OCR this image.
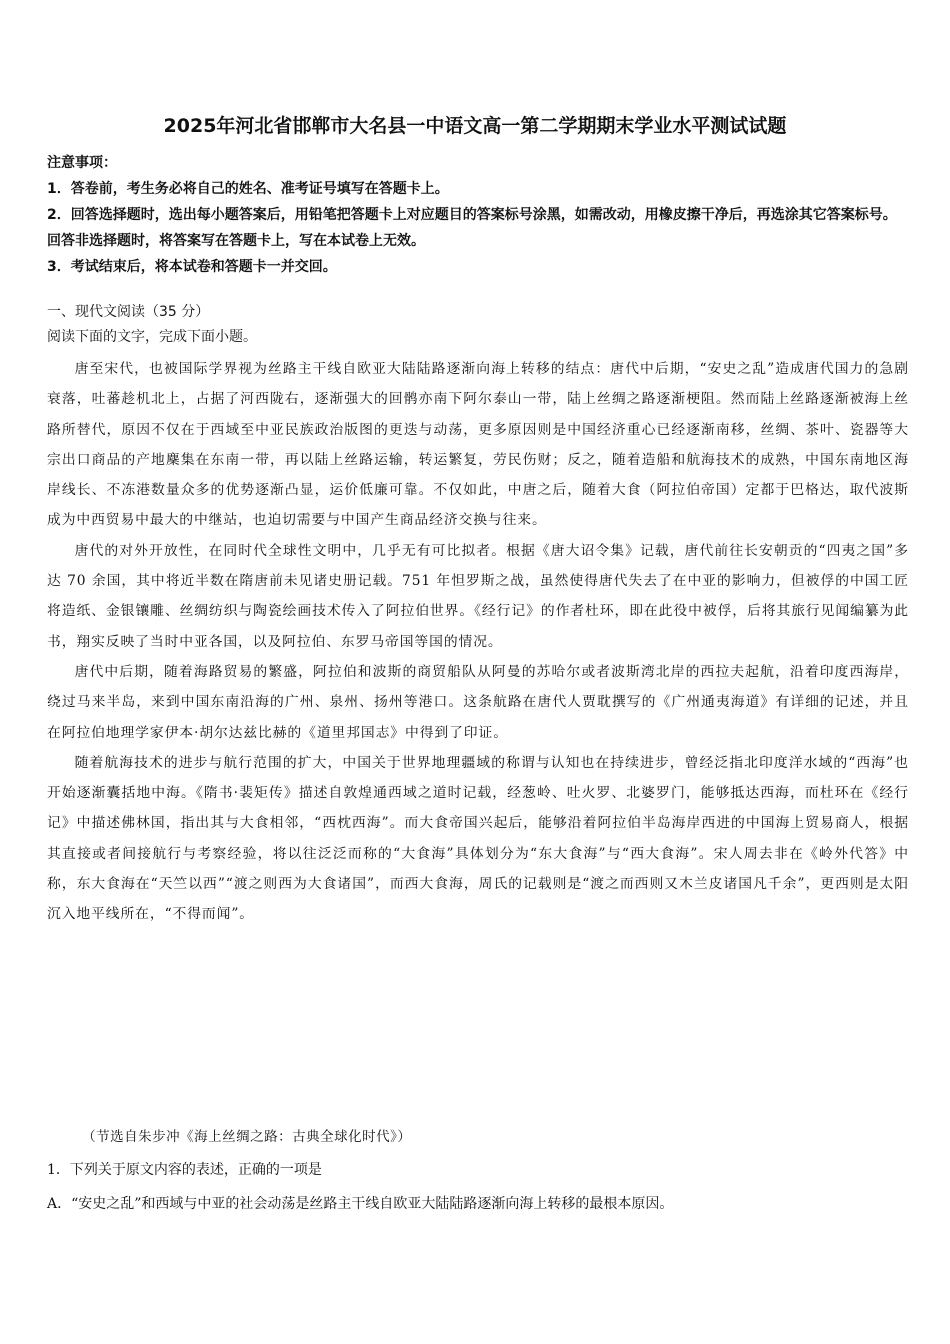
2025年河北省邯郸市大名县一中语文高一第二学期期末学业水平测试试题
注意事项：
1．答卷前，考生务必将自己的姓名、准考证号填写在答题卡上。
2．回答选择题时，选出每小题答案后，用铅笔把答题卡上对应题目的答案标号涂黑，如需改动，用橡皮擦干净后，再选涂其它答案标号。回答非选择题时，将答案写在答题卡上，写在本试卷上无效。
3．考试结束后，将本试卷和答题卡一并交回。
一、现代文阅读（35 分）
阅读下面的文字，完成下面小题。

唐至宋代，也被国际学界视为丝路主干线自欧亚大陆陆路逐渐向海上转移的结点：唐代中后期，“安史之乱”造成唐代国力的急剧衰落，吐蕃趁机北上，占据了河西陇右，逐渐强大的回鹘亦南下阿尔泰山一带，陆上丝绸之路逐渐梗阻。然而陆上丝路逐渐被海上丝路所替代，原因不仅在于西域至中亚民族政治版图的更迭与动荡，更多原因则是中国经济重心已经逐渐南移，丝绸、茶叶、瓷器等大宗出口商品的产地麇集在东南一带，再以陆上丝路运输，转运繁复，劳民伤财；反之，随着造船和航海技术的成熟，中国东南地区海岸线长、不冻港数量众多的优势逐渐凸显，运价低廉可靠。不仅如此，中唐之后，随着大食（阿拉伯帝国）定都于巴格达，取代波斯成为中西贸易中最大的中继站，也迫切需要与中国产生商品经济交换与往来。

唐代的对外开放性，在同时代全球性文明中，几乎无有可比拟者。根据《唐大诏令集》记载，唐代前往长安朝贡的“四夷之国”多达 70 余国，其中将近半数在隋唐前未见诸史册记载。751 年怛罗斯之战，虽然使得唐代失去了在中亚的影响力，但被俘的中国工匠将造纸、金银镶雕、丝绸纺织与陶瓷绘画技术传入了阿拉伯世界。《经行记》的作者杜环，即在此役中被俘，后将其旅行见闻编纂为此书，翔实反映了当时中亚各国，以及阿拉伯、东罗马帝国等国的情况。

唐代中后期，随着海路贸易的繁盛，阿拉伯和波斯的商贸船队从阿曼的苏哈尔或者波斯湾北岸的西拉夫起航，沿着印度西海岸，绕过马来半岛，来到中国东南沿海的广州、泉州、扬州等港口。这条航路在唐代人贾耽撰写的《广州通夷海道》有详细的记述，并且在阿拉伯地理学家伊本·胡尔达兹比赫的《道里邦国志》中得到了印证。

随着航海技术的进步与航行范围的扩大，中国关于世界地理疆域的称谓与认知也在持续进步，曾经泛指北印度洋水域的“西海”也开始逐渐囊括地中海。《隋书·裴矩传》描述自敦煌通西域之道时记载，经葱岭、吐火罗、北婆罗门，能够抵达西海，而杜环在《经行记》中描述佛林国，指出其与大食相邻，“西枕西海”。而大食帝国兴起后，能够沿着阿拉伯半岛海岸西进的中国海上贸易商人，根据其直接或者间接航行与考察经验，将以往泛泛而称的“大食海”具体划分为“东大食海”与“西大食海”。宋人周去非在《岭外代答》中称，东大食海在“天竺以西”“渡之则西为大食诸国”，而西大食海，周氏的记载则是“渡之而西则又木兰皮诸国凡千余”，更西则是太阳沉入地平线所在，“不得而闻”。

（节选自朱步冲《海上丝绸之路：古典全球化时代》）
1．下列关于原文内容的表述，正确的一项是
A．“安史之乱”和西域与中亚的社会动荡是丝路主干线自欧亚大陆陆路逐渐向海上转移的最根本原因。
